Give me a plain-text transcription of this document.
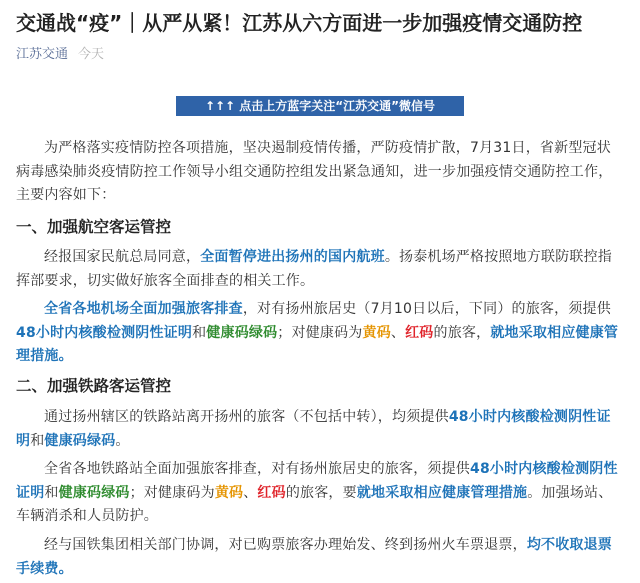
交通战“疫”｜从严从紧！江苏从六方面进一步加强疫情交通防控
江苏交通 今天
↑↑↑ 点击上方蓝字关注“江苏交通”微信号
为严格落实疫情防控各项措施，坚决遏制疫情传播，严防疫情扩散，7月31日，省新型冠状病毒感染肺炎疫情防控工作领导小组交通防控组发出紧急通知，进一步加强疫情交通防控工作，主要内容如下：
一、加强航空客运管控
经报国家民航总局同意，全面暂停进出扬州的国内航班。扬泰机场严格按照地方联防联控指挥部要求，切实做好旅客全面排查的相关工作。
全省各地机场全面加强旅客排查，对有扬州旅居史（7月10日以后，下同）的旅客，须提供48小时内核酸检测阴性证明和健康码绿码；对健康码为黄码、红码的旅客，就地采取相应健康管理措施。
二、加强铁路客运管控
通过扬州辖区的铁路站离开扬州的旅客（不包括中转），均须提供48小时内核酸检测阴性证明和健康码绿码。
全省各地铁路站全面加强旅客排查，对有扬州旅居史的旅客，须提供48小时内核酸检测阴性证明和健康码绿码；对健康码为黄码、红码的旅客，要就地采取相应健康管理措施。加强场站、车辆消杀和人员防护。
经与国铁集团相关部门协调，对已购票旅客办理始发、终到扬州火车票退票，均不收取退票手续费。
